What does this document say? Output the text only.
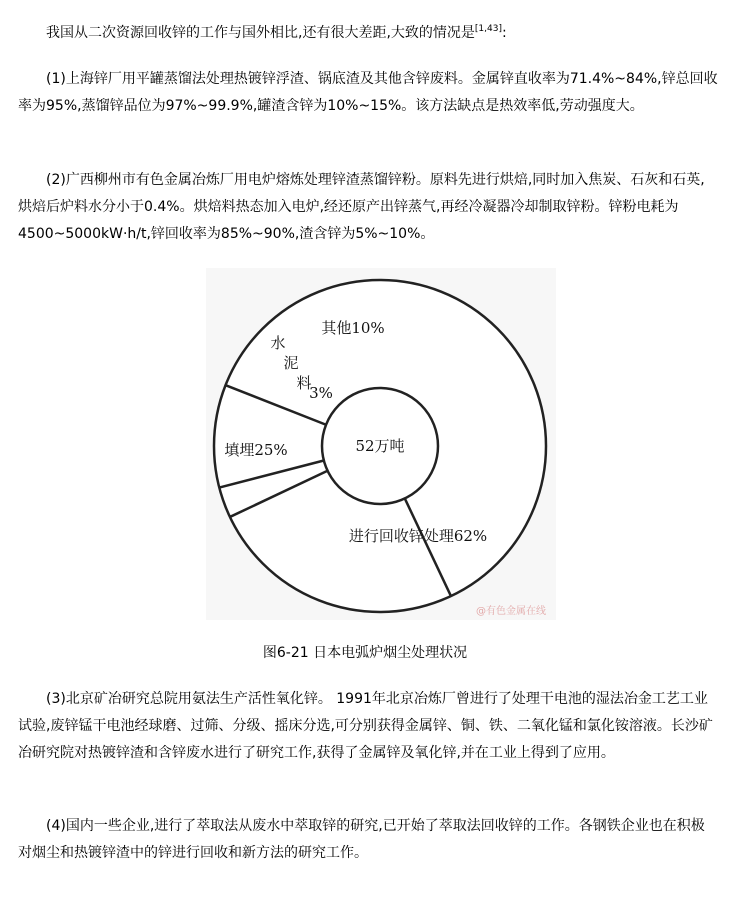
我国从二次资源回收锌的工作与国外相比,还有很大差距,大致的情况是[1,43]:

(1)上海锌厂用平罐蒸馏法处理热镀锌浮渣、锅底渣及其他含锌废料。金属锌直收率为71.4%~84%,锌总回收率为95%,蒸馏锌品位为97%~99.9%,罐渣含锌为10%~15%。该方法缺点是热效率低,劳动强度大。

(2)广西柳州市有色金属冶炼厂用电炉熔炼处理锌渣蒸馏锌粉。原料先进行烘焙,同时加入焦炭、石灰和石英,烘焙后炉料水分小于0.4%。烘焙料热态加入电炉,经还原产出锌蒸气,再经冷凝器冷却制取锌粉。锌粉电耗为4500~5000kW·h/t,锌回收率为85%~90%,渣含锌为5%~10%。

进行回收锌处理62%
填埋25%
水
泥
料
3%
其他10%
52万吨
@有色金属在线
图6-21 日本电弧炉烟尘处理状况

(3)北京矿冶研究总院用氨法生产活性氧化锌。 1991年北京冶炼厂曾进行了处理干电池的湿法冶金工艺工业试验,废锌锰干电池经球磨、过筛、分级、摇床分选,可分别获得金属锌、铜、铁、二氧化锰和氯化铵溶液。长沙矿冶研究院对热镀锌渣和含锌废水进行了研究工作,获得了金属锌及氧化锌,并在工业上得到了应用。

(4)国内一些企业,进行了萃取法从废水中萃取锌的研究,已开始了萃取法回收锌的工作。各钢铁企业也在积极对烟尘和热镀锌渣中的锌进行回收和新方法的研究工作。
